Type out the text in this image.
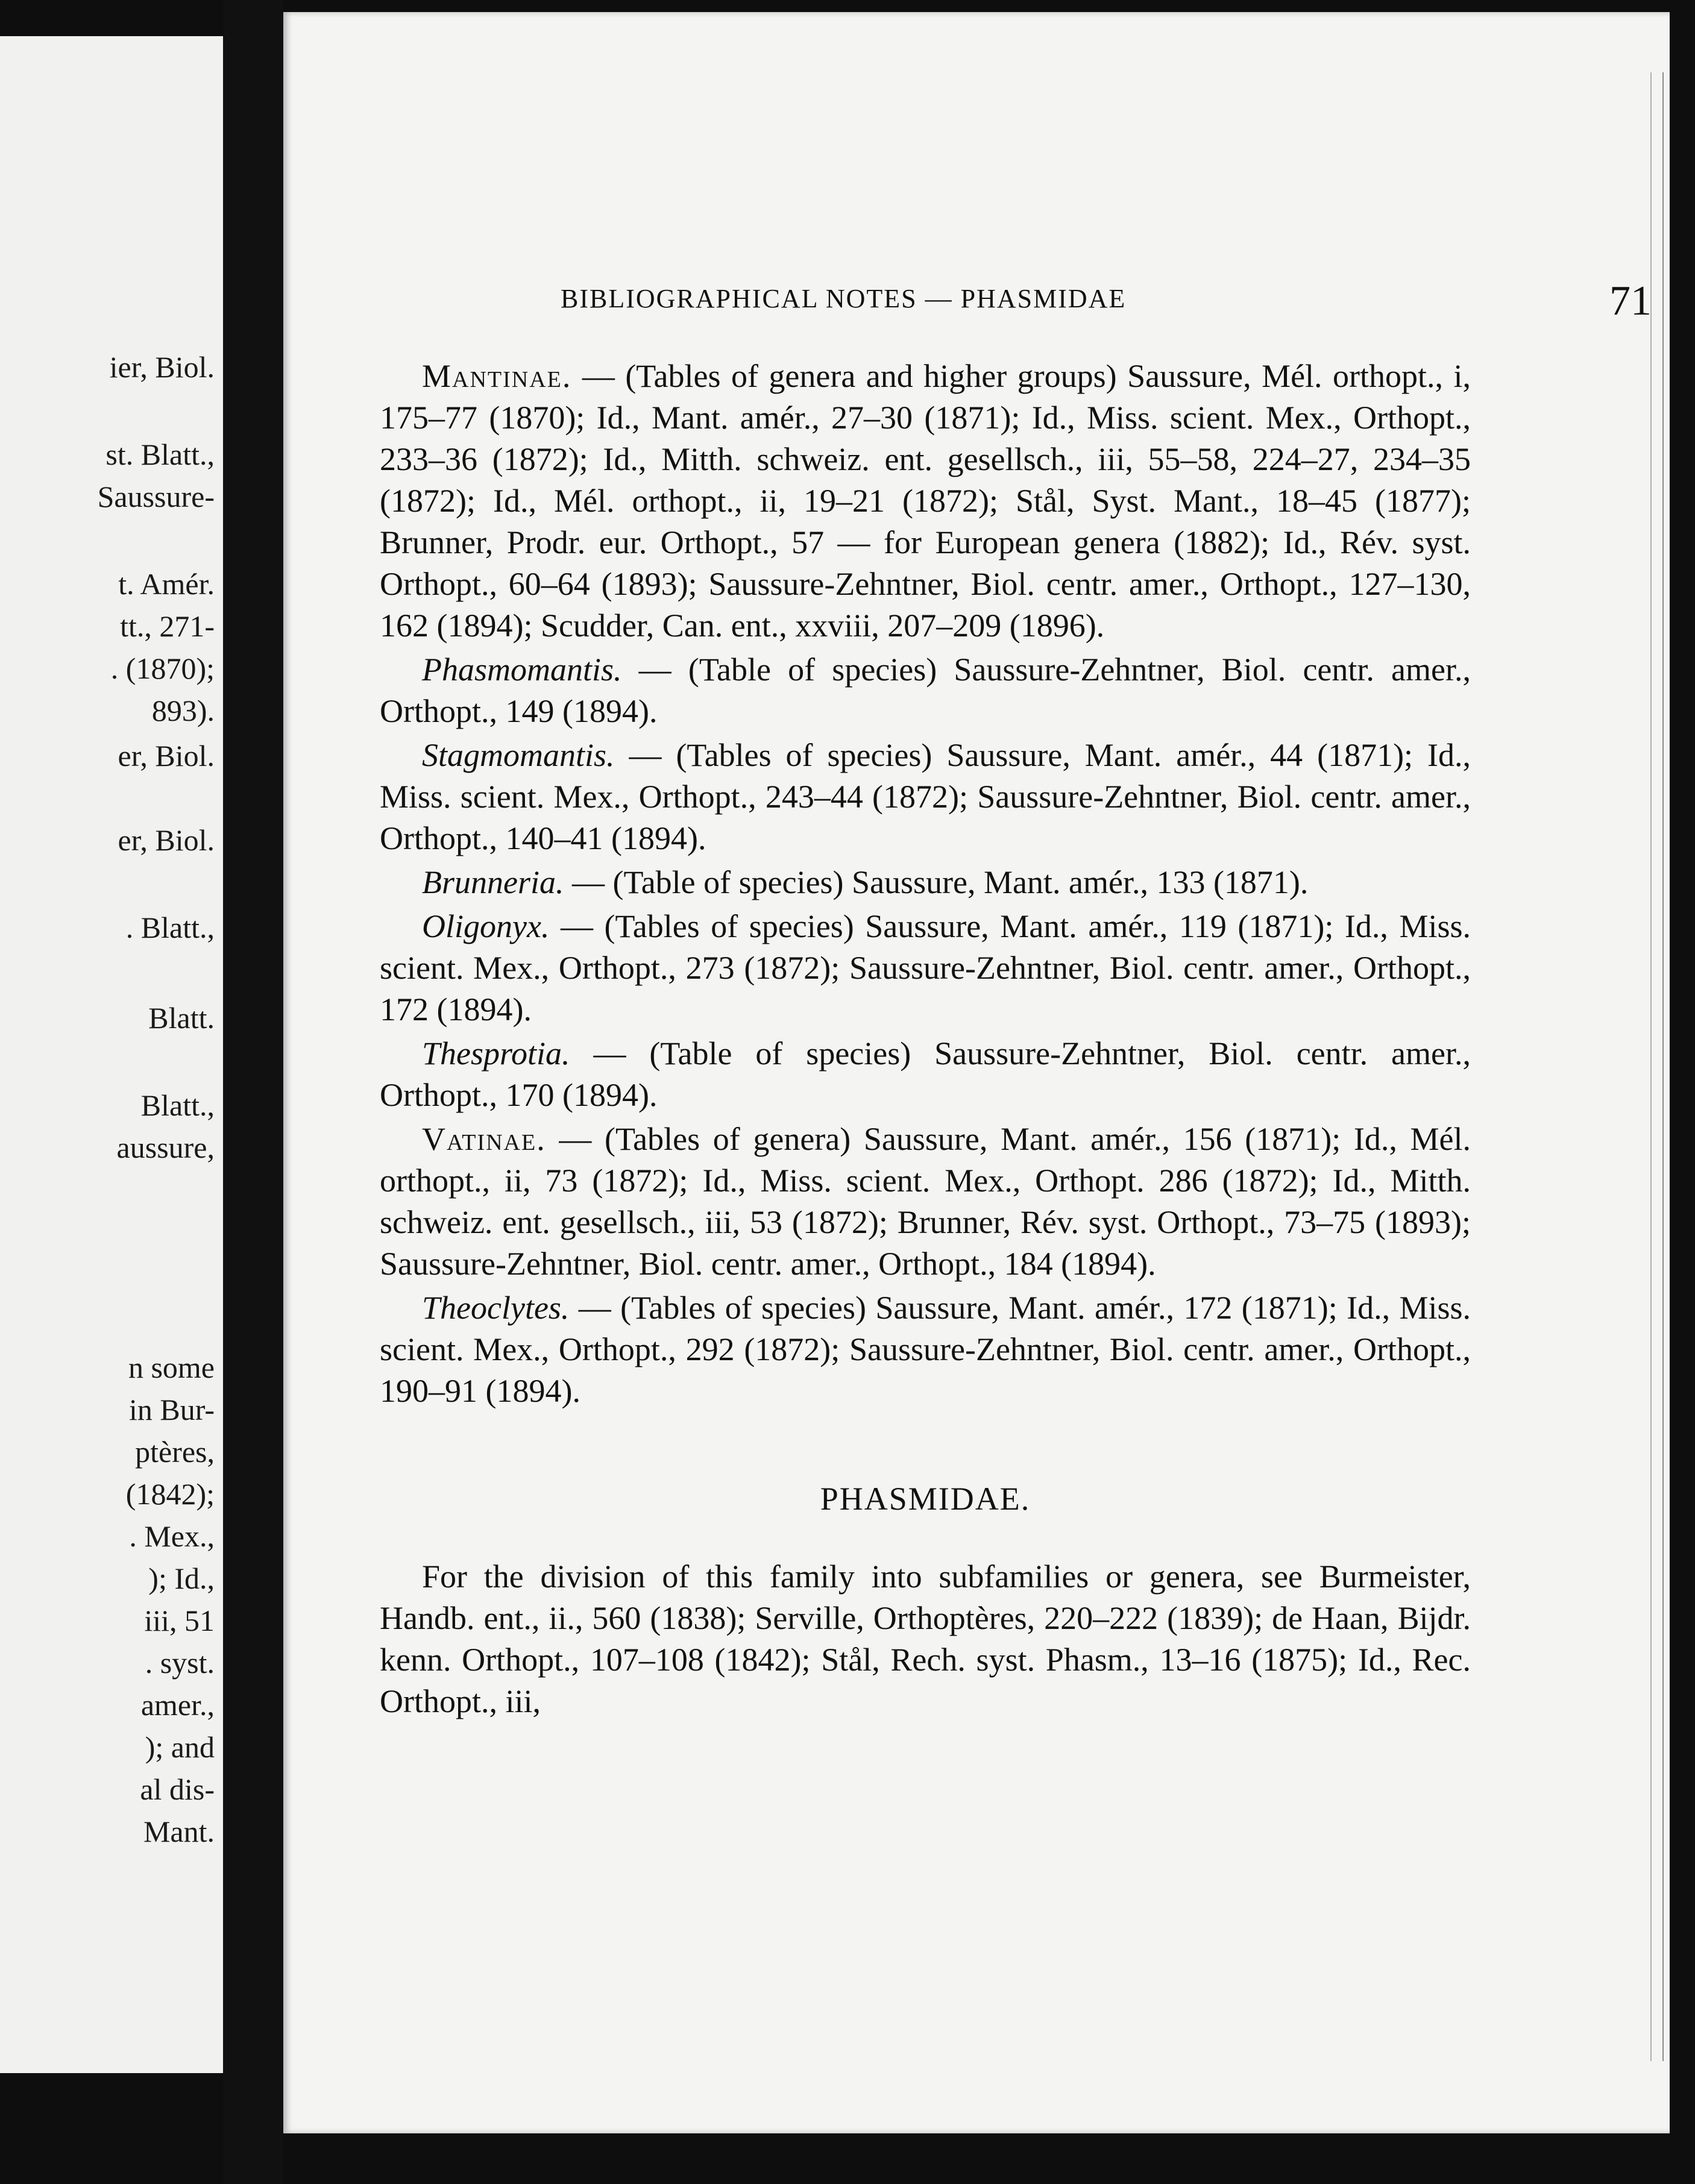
ier, Biol.
st. Blatt.,
Saussure-
t. Amér.
tt., 271-
. (1870);
893).
er, Biol.
er, Biol.
. Blatt.,
Blatt.
Blatt.,
aussure,
n some
in Bur-
ptères,
(1842);
. Mex.,
); Id.,
iii, 51
. syst.
amer.,
); and
al dis-
Mant.
BIBLIOGRAPHICAL NOTES — PHASMIDAE	71

Mantinae. — (Tables of genera and higher groups) Saussure, Mél. orthopt., i, 175–77 (1870); Id., Mant. amér., 27–30 (1871); Id., Miss. scient. Mex., Orthopt., 233–36 (1872); Id., Mitth. schweiz. ent. gesellsch., iii, 55–58, 224–27, 234–35 (1872); Id., Mél. orthopt., ii, 19–21 (1872); Stål, Syst. Mant., 18–45 (1877); Brunner, Prodr. eur. Orthopt., 57 — for European genera (1882); Id., Rév. syst. Orthopt., 60–64 (1893); Saussure-Zehntner, Biol. centr. amer., Orthopt., 127–130, 162 (1894); Scudder, Can. ent., xxviii, 207–209 (1896).

Phasmomantis. — (Table of species) Saussure-Zehntner, Biol. centr. amer., Orthopt., 149 (1894).

Stagmomantis. — (Tables of species) Saussure, Mant. amér., 44 (1871); Id., Miss. scient. Mex., Orthopt., 243–44 (1872); Saussure-Zehntner, Biol. centr. amer., Orthopt., 140–41 (1894).

Brunneria. — (Table of species) Saussure, Mant. amér., 133 (1871).

Oligonyx. — (Tables of species) Saussure, Mant. amér., 119 (1871); Id., Miss. scient. Mex., Orthopt., 273 (1872); Saussure-Zehntner, Biol. centr. amer., Orthopt., 172 (1894).

Thesprotia. — (Table of species) Saussure-Zehntner, Biol. centr. amer., Orthopt., 170 (1894).

Vatinae. — (Tables of genera) Saussure, Mant. amér., 156 (1871); Id., Mél. orthopt., ii, 73 (1872); Id., Miss. scient. Mex., Orthopt. 286 (1872); Id., Mitth. schweiz. ent. gesellsch., iii, 53 (1872); Brunner, Rév. syst. Orthopt., 73–75 (1893); Saussure-Zehntner, Biol. centr. amer., Orthopt., 184 (1894).

Theoclytes. — (Tables of species) Saussure, Mant. amér., 172 (1871); Id., Miss. scient. Mex., Orthopt., 292 (1872); Saussure-Zehntner, Biol. centr. amer., Orthopt., 190–91 (1894).

PHASMIDAE.

For the division of this family into subfamilies or genera, see Burmeister, Handb. ent., ii., 560 (1838); Serville, Orthoptères, 220–222 (1839); de Haan, Bijdr. kenn. Orthopt., 107–108 (1842); Stål, Rech. syst. Phasm., 13–16 (1875); Id., Rec. Orthopt., iii,
